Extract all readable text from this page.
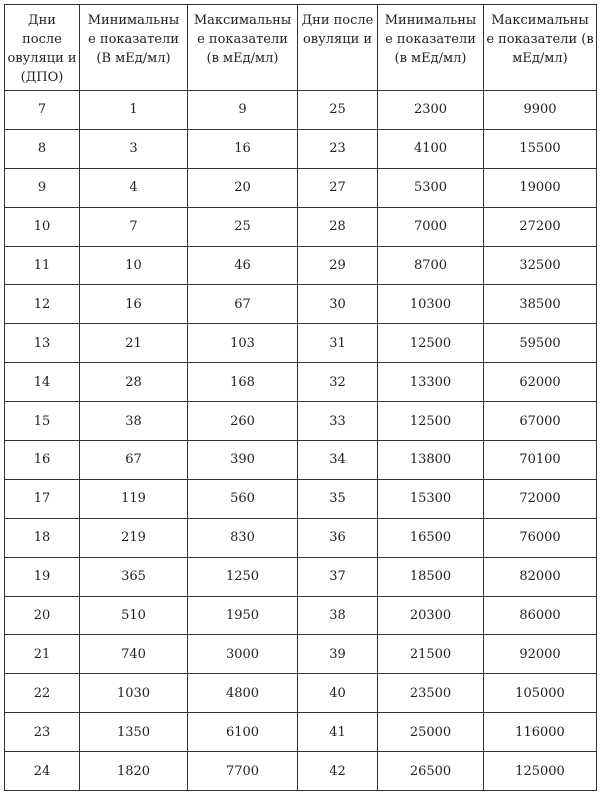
Дни после овуляци и (ДПО)	Минимальны е показатели (В мЕд/мл)	Максимальны е показатели (в мЕд/мл)	Дни после овуляци и	Минимальны е показатели (в мЕд/мл)	Максимальны е показатели (в мЕд/мл)
7	1	9	25	2300	9900
8	3	16	23	4100	15500
9	4	20	27	5300	19000
10	7	25	28	7000	27200
11	10	46	29	8700	32500
12	16	67	30	10300	38500
13	21	103	31	12500	59500
14	28	168	32	13300	62000
15	38	260	33	12500	67000
16	67	390	34	13800	70100
17	119	560	35	15300	72000
18	219	830	36	16500	76000
19	365	1250	37	18500	82000
20	510	1950	38	20300	86000
21	740	3000	39	21500	92000
22	1030	4800	40	23500	105000
23	1350	6100	41	25000	116000
24	1820	7700	42	26500	125000
